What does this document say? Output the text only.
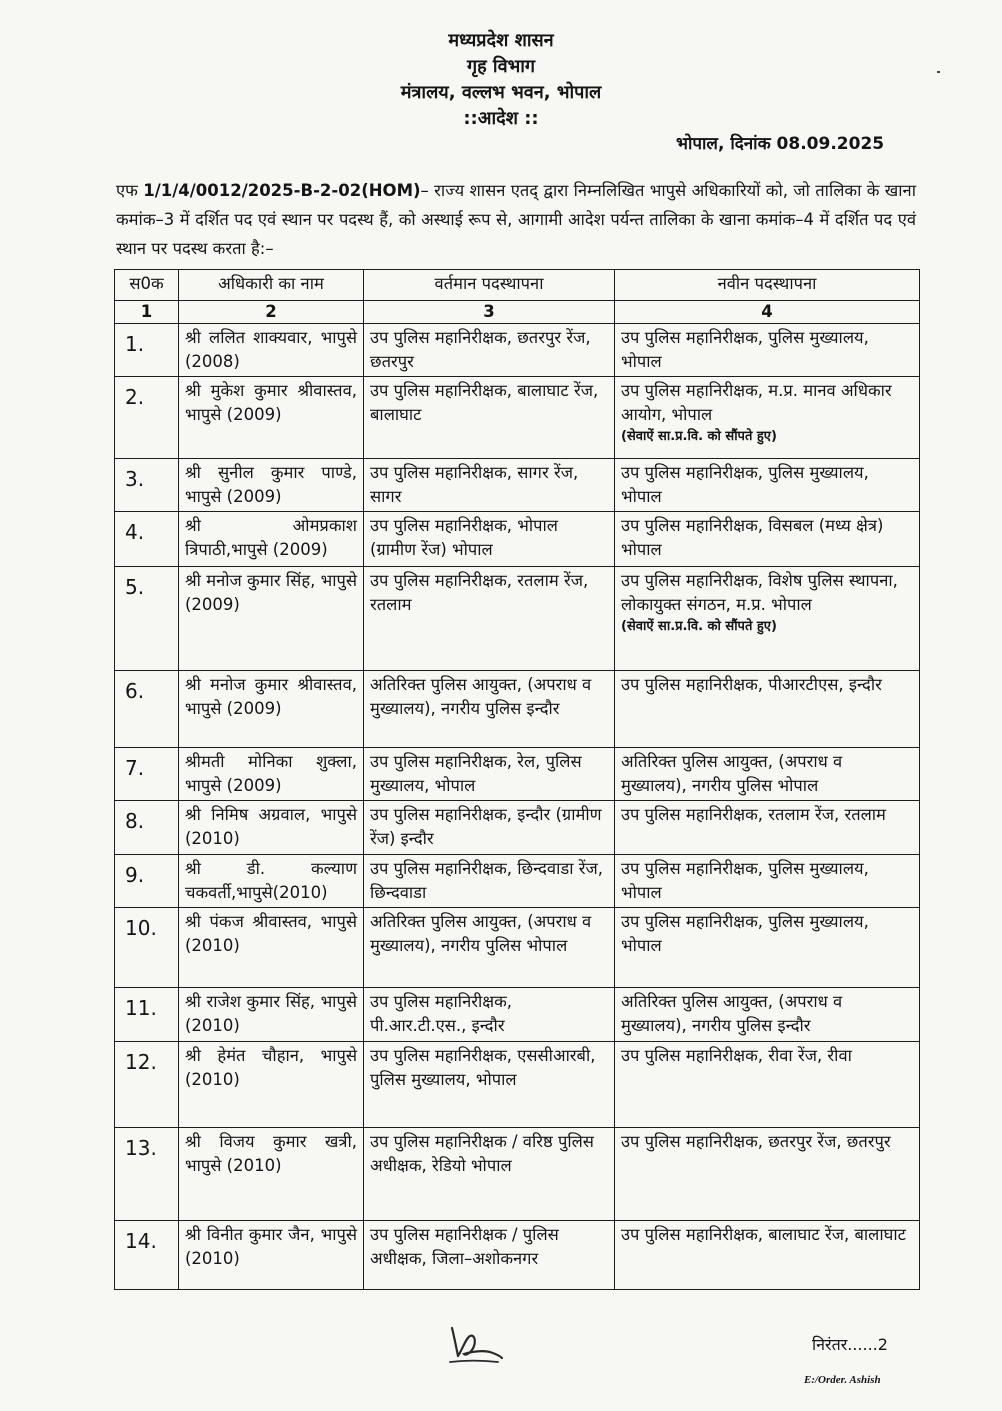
मध्यप्रदेश शासन
गृह विभाग
मंत्रालय, वल्लभ भवन, भोपाल
::आदेश ::
भोपाल, दिनांक 08.09.2025
एफ 1/1/4/0012/2025-B-2-02(HOM)– राज्य शासन एतद् द्वारा निम्नलिखित भापुसे अधिकारियों को, जो तालिका के खाना कमांक–3 में दर्शित पद एवं स्थान पर पदस्थ हैं, को अस्थाई रूप से, आगामी आदेश पर्यन्त तालिका के खाना कमांक–4 में दर्शित पद एवं स्थान पर पदस्थ करता है:–
स0क	अधिकारी का नाम	वर्तमान पदस्थापना	नवीन पदस्थापना
1	2	3	4
1.	श्री ललित शाक्यवार, भापुसे (2008)	उप पुलिस महानिरीक्षक, छतरपुर रेंज, छतरपुर	उप पुलिस महानिरीक्षक, पुलिस मुख्यालय, भोपाल
2.	श्री मुकेश कुमार श्रीवास्तव, भापुसे (2009)	उप पुलिस महानिरीक्षक, बालाघाट रेंज, बालाघाट	उप पुलिस महानिरीक्षक, म.प्र. मानव अधिकार आयोग, भोपाल
(सेवाऐं सा.प्र.वि. को सौंपते हुए)

3.	श्री सुनील कुमार पाण्डे, भापुसे (2009)	उप पुलिस महानिरीक्षक, सागर रेंज, सागर	उप पुलिस महानिरीक्षक, पुलिस मुख्यालय, भोपाल
4.	श्री ओमप्रकाश त्रिपाठी,भापुसे (2009)	उप पुलिस महानिरीक्षक, भोपाल (ग्रामीण रेंज) भोपाल	उप पुलिस महानिरीक्षक, विसबल (मध्य क्षेत्र) भोपाल
5.	श्री मनोज कुमार सिंह, भापुसे (2009)	उप पुलिस महानिरीक्षक, रतलाम रेंज, रतलाम	उप पुलिस महानिरीक्षक, विशेष पुलिस स्थापना, लोकायुक्त संगठन, म.प्र. भोपाल
(सेवाऐं सा.प्र.वि. को सौंपते हुए)

6.	श्री मनोज कुमार श्रीवास्तव, भापुसे (2009)	अतिरिक्त पुलिस आयुक्त, (अपराध व मुख्यालय), नगरीय पुलिस इन्दौर	उप पुलिस महानिरीक्षक, पीआरटीएस, इन्दौर
7.	श्रीमती मोनिका शुक्ला, भापुसे (2009)	उप पुलिस महानिरीक्षक, रेल, पुलिस मुख्यालय, भोपाल	अतिरिक्त पुलिस आयुक्त, (अपराध व मुख्यालय), नगरीय पुलिस भोपाल
8.	श्री निमिष अग्रवाल, भापुसे (2010)	उप पुलिस महानिरीक्षक, इन्दौर (ग्रामीण रेंज) इन्दौर	उप पुलिस महानिरीक्षक, रतलाम रेंज, रतलाम
9.	श्री डी. कल्याण चकवर्ती,भापुसे(2010)	उप पुलिस महानिरीक्षक, छिन्दवाडा रेंज, छिन्दवाडा	उप पुलिस महानिरीक्षक, पुलिस मुख्यालय, भोपाल
10.	श्री पंकज श्रीवास्तव, भापुसे (2010)	अतिरिक्त पुलिस आयुक्त, (अपराध व मुख्यालय), नगरीय पुलिस भोपाल	उप पुलिस महानिरीक्षक, पुलिस मुख्यालय, भोपाल
11.	श्री राजेश कुमार सिंह, भापुसे (2010)	उप पुलिस महानिरीक्षक, पी.आर.टी.एस., इन्दौर	अतिरिक्त पुलिस आयुक्त, (अपराध व मुख्यालय), नगरीय पुलिस इन्दौर
12.	श्री हेमंत चौहान, भापुसे (2010)	उप पुलिस महानिरीक्षक, एससीआरबी, पुलिस मुख्यालय, भोपाल	उप पुलिस महानिरीक्षक, रीवा रेंज, रीवा
13.	श्री विजय कुमार खत्री, भापुसे (2010)	उप पुलिस महानिरीक्षक / वरिष्ठ पुलिस अधीक्षक, रेडियो भोपाल	उप पुलिस महानिरीक्षक, छतरपुर रेंज, छतरपुर
14.	श्री विनीत कुमार जैन, भापुसे (2010)	उप पुलिस महानिरीक्षक / पुलिस अधीक्षक, जिला–अशोकनगर	उप पुलिस महानिरीक्षक, बालाघाट रेंज, बालाघाट
निरंतर......2
E:/Order. Ashish
